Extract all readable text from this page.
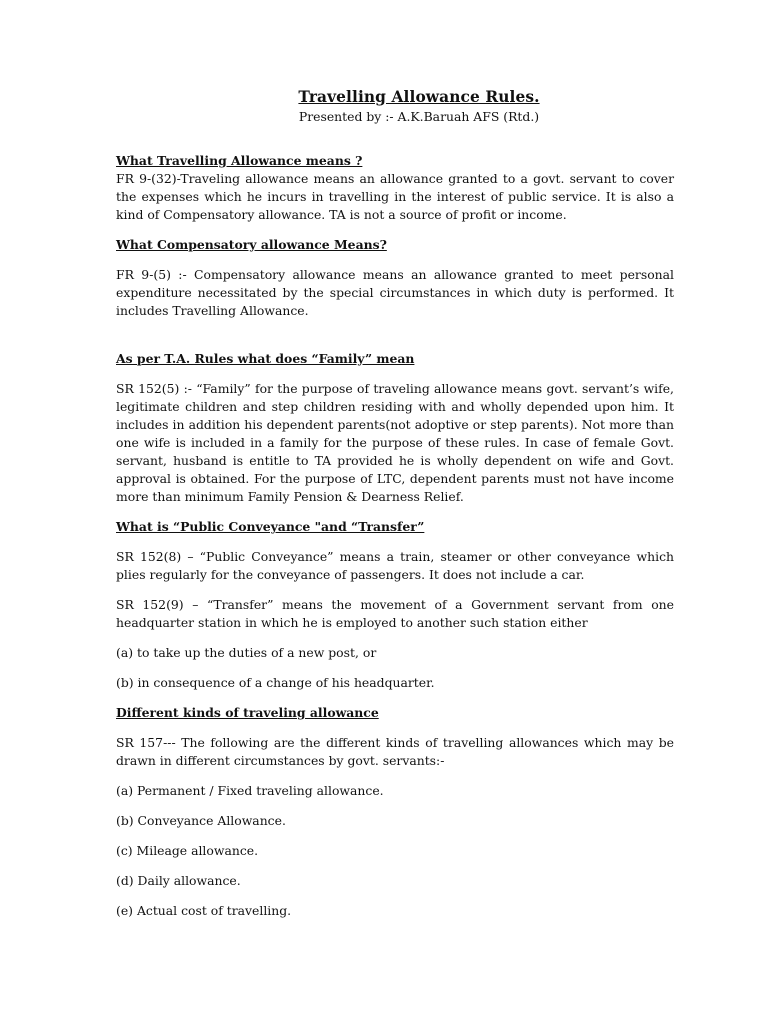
Travelling Allowance Rules.
Presented by :- A.K.Baruah AFS (Rtd.)
What Travelling Allowance means ?

FR 9-(32)-Traveling allowance means an allowance granted to a govt. servant to cover the expenses which he incurs in travelling in the interest of public service. It is also a kind of Compensatory allowance. TA is not a source of profit or income.

What Compensatory allowance Means?

FR 9-(5) :- Compensatory allowance means an allowance granted to meet personal expenditure necessitated by the special circumstances in which duty is performed. It includes Travelling Allowance.

As per T.A. Rules what does “Family” mean

SR 152(5) :- “Family” for the purpose of traveling allowance means govt. servant’s wife, legitimate children and step children residing with and wholly depended upon him. It includes in addition his dependent parents(not adoptive or step parents). Not more than one wife is included in a family for the purpose of these rules. In case of female Govt. servant, husband is entitle to TA provided he is wholly dependent on wife and Govt. approval is obtained. For the purpose of LTC, dependent parents must not have income more than minimum Family Pension & Dearness Relief.

What is “Public Conveyance "and “Transfer”

SR 152(8) – “Public Conveyance” means a train, steamer or other conveyance which plies regularly for the conveyance of passengers. It does not include a car.

SR 152(9) – “Transfer” means the movement of a Government servant from one headquarter station in which he is employed to another such station either

(a) to take up the duties of a new post, or

(b) in consequence of a change of his headquarter.

Different kinds of traveling allowance

SR 157--- The following are the different kinds of travelling allowances which may be drawn in different circumstances by govt. servants:-

(a) Permanent / Fixed traveling allowance.

(b) Conveyance Allowance.

(c) Mileage allowance.

(d) Daily allowance.

(e) Actual cost of travelling.
